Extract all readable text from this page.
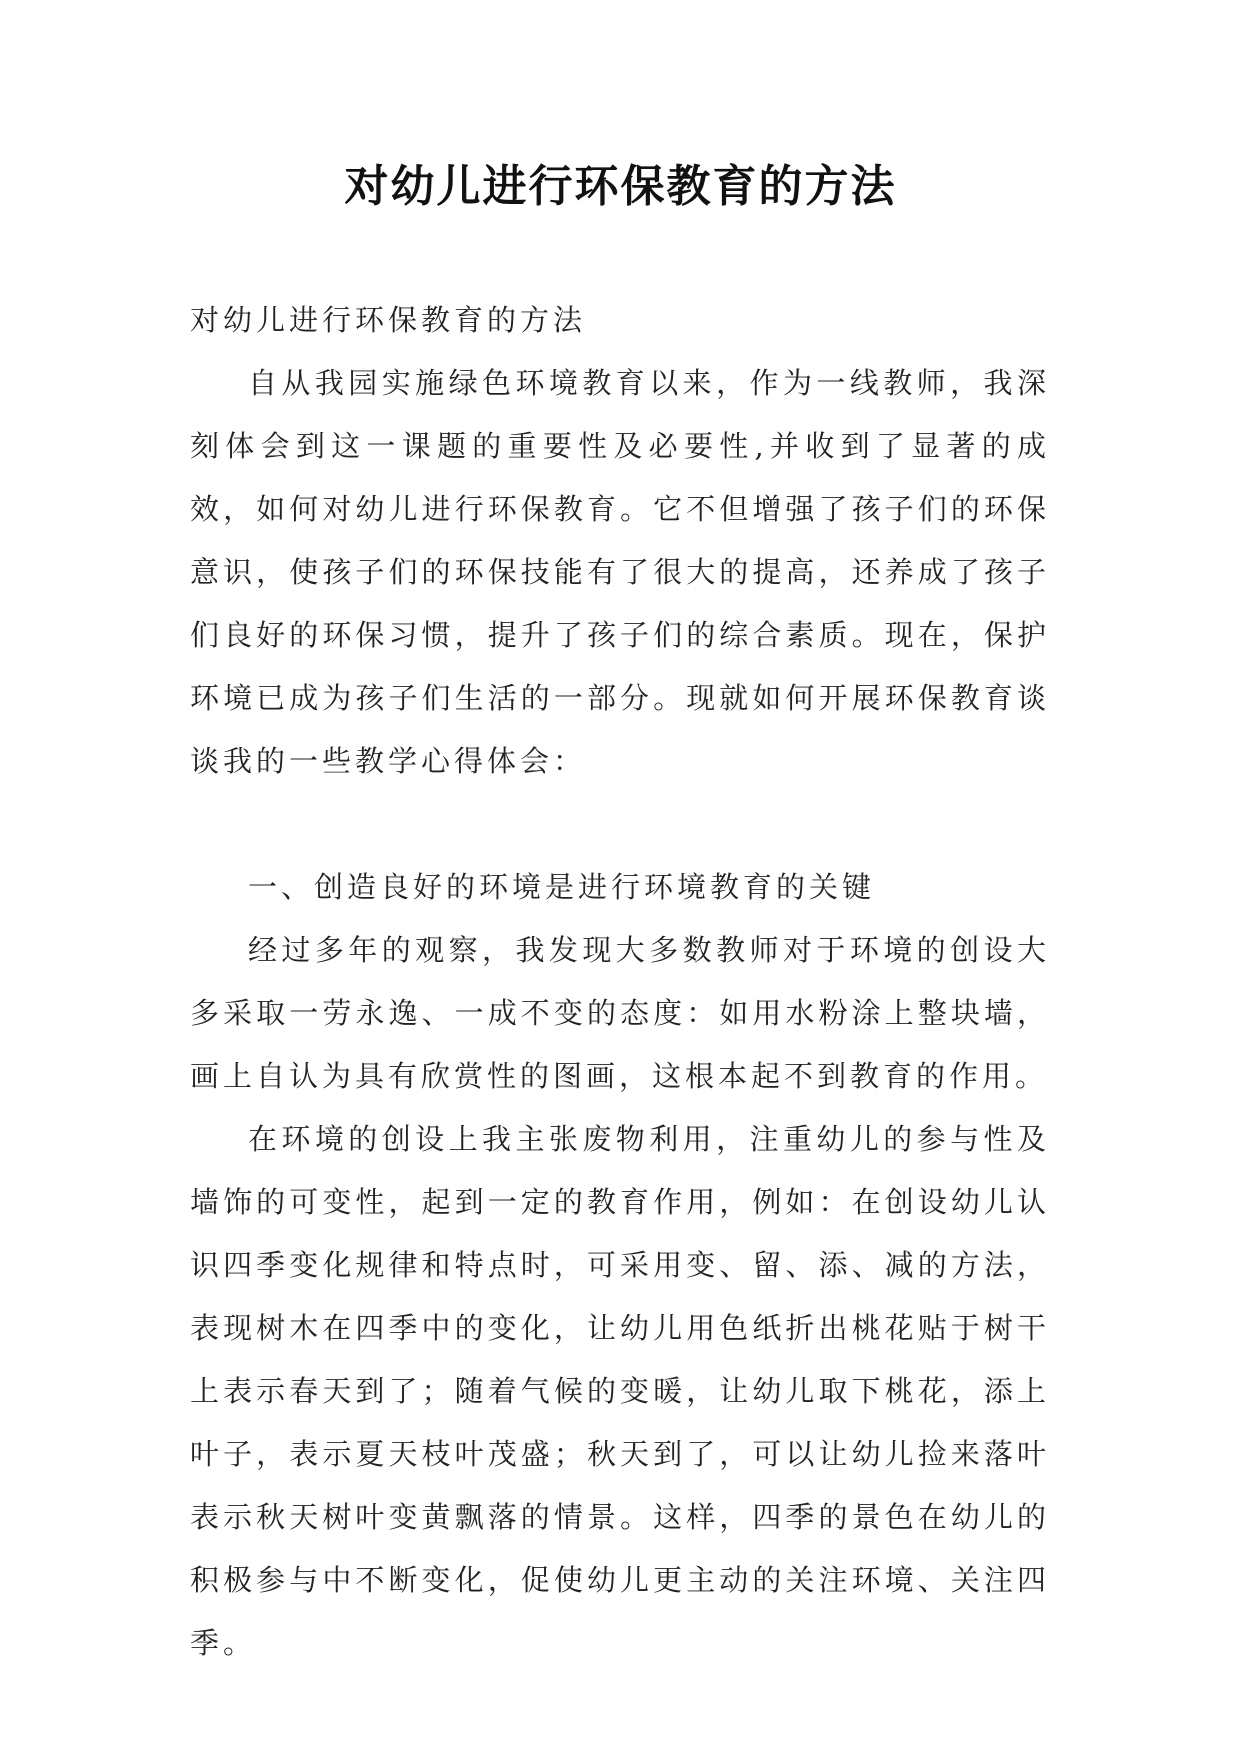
对幼儿进行环保教育的方法

对幼儿进行环保教育的方法

自从我园实施绿色环境教育以来，作为一线教师，我深刻体会到这一课题的重要性及必要性,并收到了显著的成效，如何对幼儿进行环保教育。它不但增强了孩子们的环保意识，使孩子们的环保技能有了很大的提高，还养成了孩子们良好的环保习惯，提升了孩子们的综合素质。现在，保护环境已成为孩子们生活的一部分。现就如何开展环保教育谈谈我的一些教学心得体会：

一、创造良好的环境是进行环境教育的关键

经过多年的观察，我发现大多数教师对于环境的创设大多采取一劳永逸、一成不变的态度：如用水粉涂上整块墙，画上自认为具有欣赏性的图画，这根本起不到教育的作用。

在环境的创设上我主张废物利用，注重幼儿的参与性及墙饰的可变性，起到一定的教育作用，例如：在创设幼儿认识四季变化规律和特点时，可采用变、留、添、减的方法，表现树木在四季中的变化，让幼儿用色纸折出桃花贴于树干上表示春天到了；随着气候的变暖，让幼儿取下桃花，添上叶子，表示夏天枝叶茂盛；秋天到了，可以让幼儿捡来落叶表示秋天树叶变黄飘落的情景。这样，四季的景色在幼儿的积极参与中不断变化，促使幼儿更主动的关注环境、关注四季。
